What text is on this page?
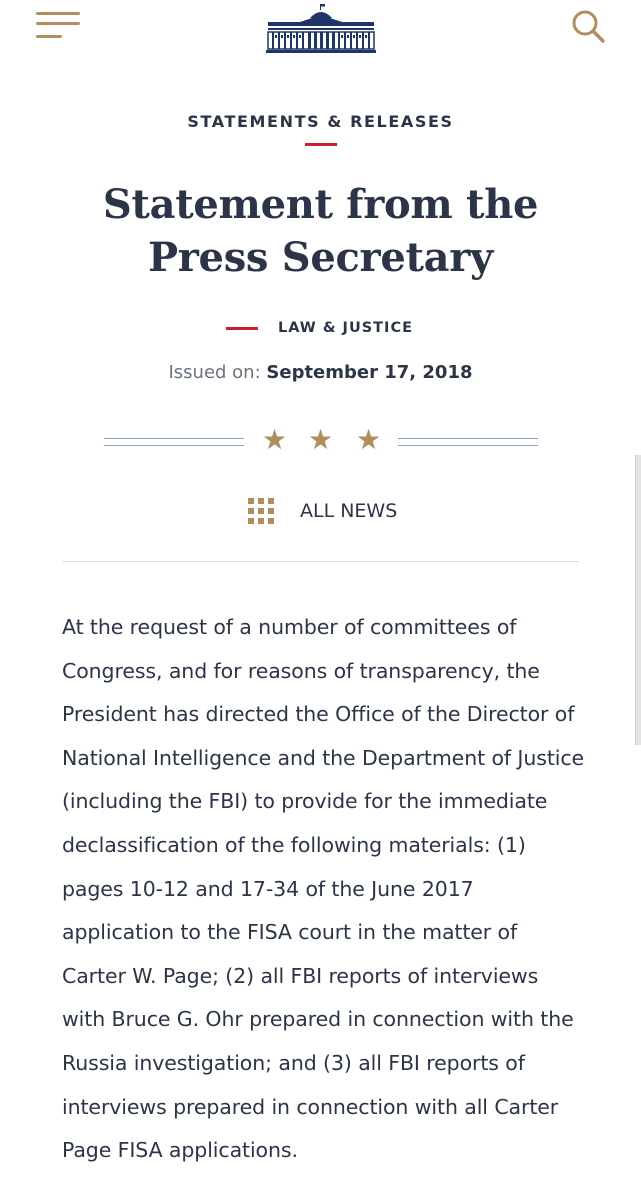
STATEMENTS & RELEASES
Statement from the Press Secretary
LAW & JUSTICE
Issued on: September 17, 2018
★ ★ ★
ALL NEWS

At the request of a number of committees of Congress, and for reasons of transparency, the President has directed the Office of the Director of National Intelligence and the Department of Justice (including the FBI) to provide for the immediate declassification of the following materials: (1) pages 10-12 and 17-34 of the June 2017 application to the FISA court in the matter of Carter W. Page; (2) all FBI reports of interviews with Bruce G. Ohr prepared in connection with the Russia investigation; and (3) all FBI reports of interviews prepared in connection with all Carter Page FISA applications.
